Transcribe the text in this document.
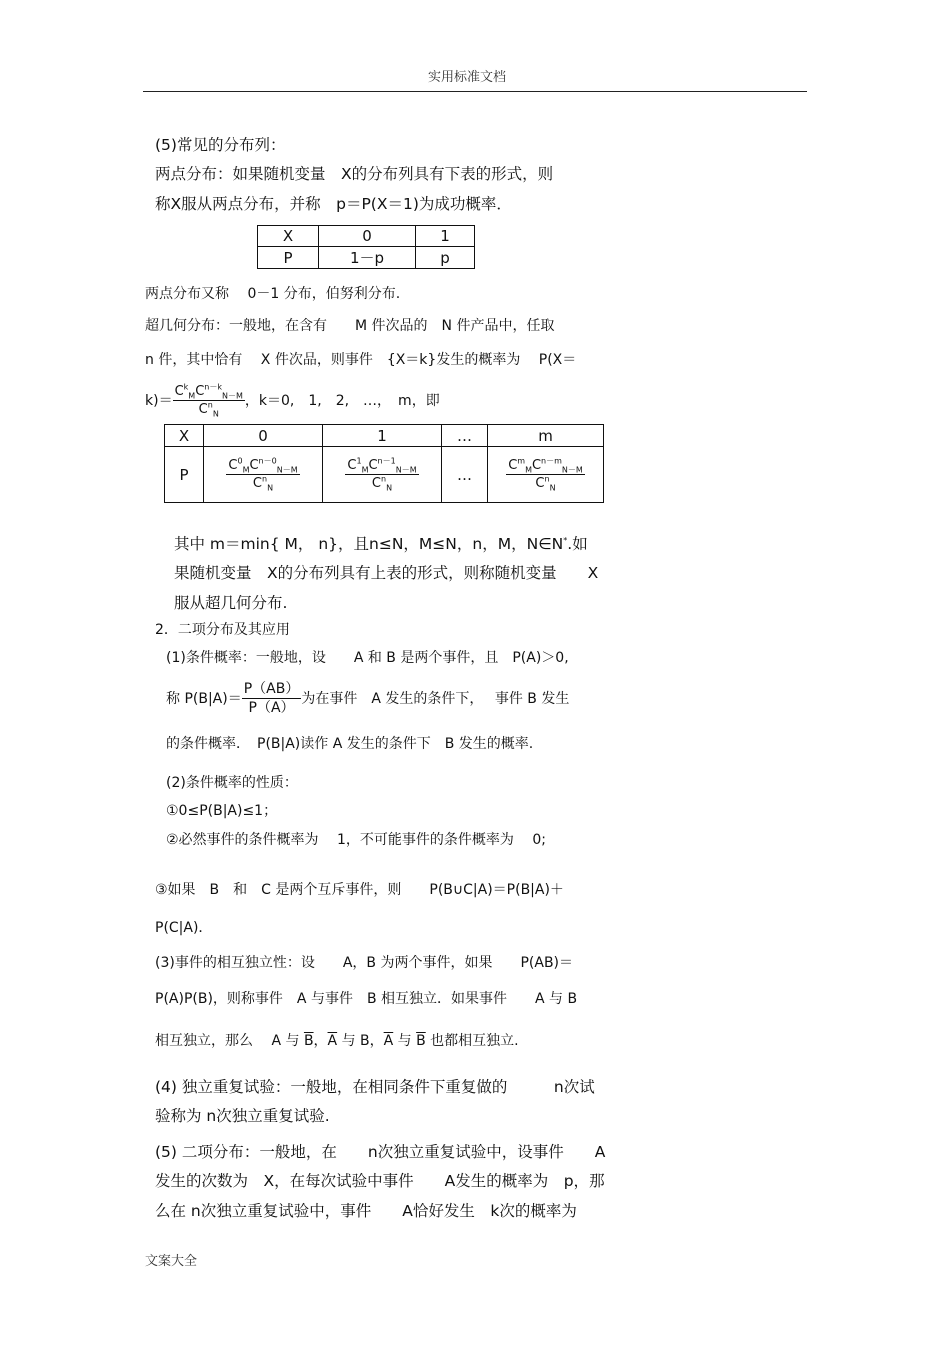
实用标准文档
(5)常见的分布列：
两点分布：如果随机变量　X的分布列具有下表的形式，则
称X服从两点分布，并称　p＝P(X＝1)为成功概率．
X	0	1
P	1－p	p
两点分布又称　 0－1 分布，伯努利分布.
超几何分布：一般地，在含有　　M 件次品的　N 件产品中，任取
n 件，其中恰有　 X 件次品，则事件　{X＝k}发生的概率为　 P(X＝
$k)= \frac{C^k_MC^{n-k}_{N-M}}{C^n_N}$ ，k＝0,　1,　2,　…，　m，即
X	0	1	…	m
P	$\frac{C^0_MC^{n-0}_{N-M}}{C^n_N}$	$\frac{C^1_MC^{n-1}_{N-M}}{C^n_N}$	…	$\frac{C^m_MC^{n-m}_{N-M}}{C^n_N}$
其中 m＝min{ M， n}，且n≤N，M≤N，n，M，N∈N*.如
果随机变量　X的分布列具有上表的形式，则称随机变量　　X
服从超几何分布.
2．二项分布及其应用
(1)条件概率：一般地，设　　A 和 B 是两个事件，且　P(A)＞0,
称 $P(B|A)= \frac{P(AB)}{P(A)}$ 为在事件　A 发生的条件下，　 事件 B 发生
的条件概率．　P(B|A)读作 A 发生的条件下　B 发生的概率.
(2)条件概率的性质：
①0≤P(B|A)≤1；
②必然事件的条件概率为　 1，不可能事件的条件概率为　 0;
③如果　B　和　C 是两个互斥事件，则　　P(B∪C|A)＝P(B|A)＋
P(C|A)．
(3)事件的相互独立性：设　　A，B 为两个事件，如果　　P(AB)＝
P(A)P(B)，则称事件　A 与事件　B 相互独立．如果事件　　A 与 B
相互独立，那么　 A 与 $\overline{B}$，$\overline{A}$ 与 B，$\overline{A}$ 与 $\overline{B}$ 也都相互独立.
(4) 独立重复试验：一般地，在相同条件下重复做的　　　n次试
验称为 n次独立重复试验.
(5) 二项分布：一般地，在　　n次独立重复试验中，设事件　　A
发生的次数为　X，在每次试验中事件　　A发生的概率为　p，那
么在 n次独立重复试验中，事件　　A恰好发生　k次的概率为
文案大全
